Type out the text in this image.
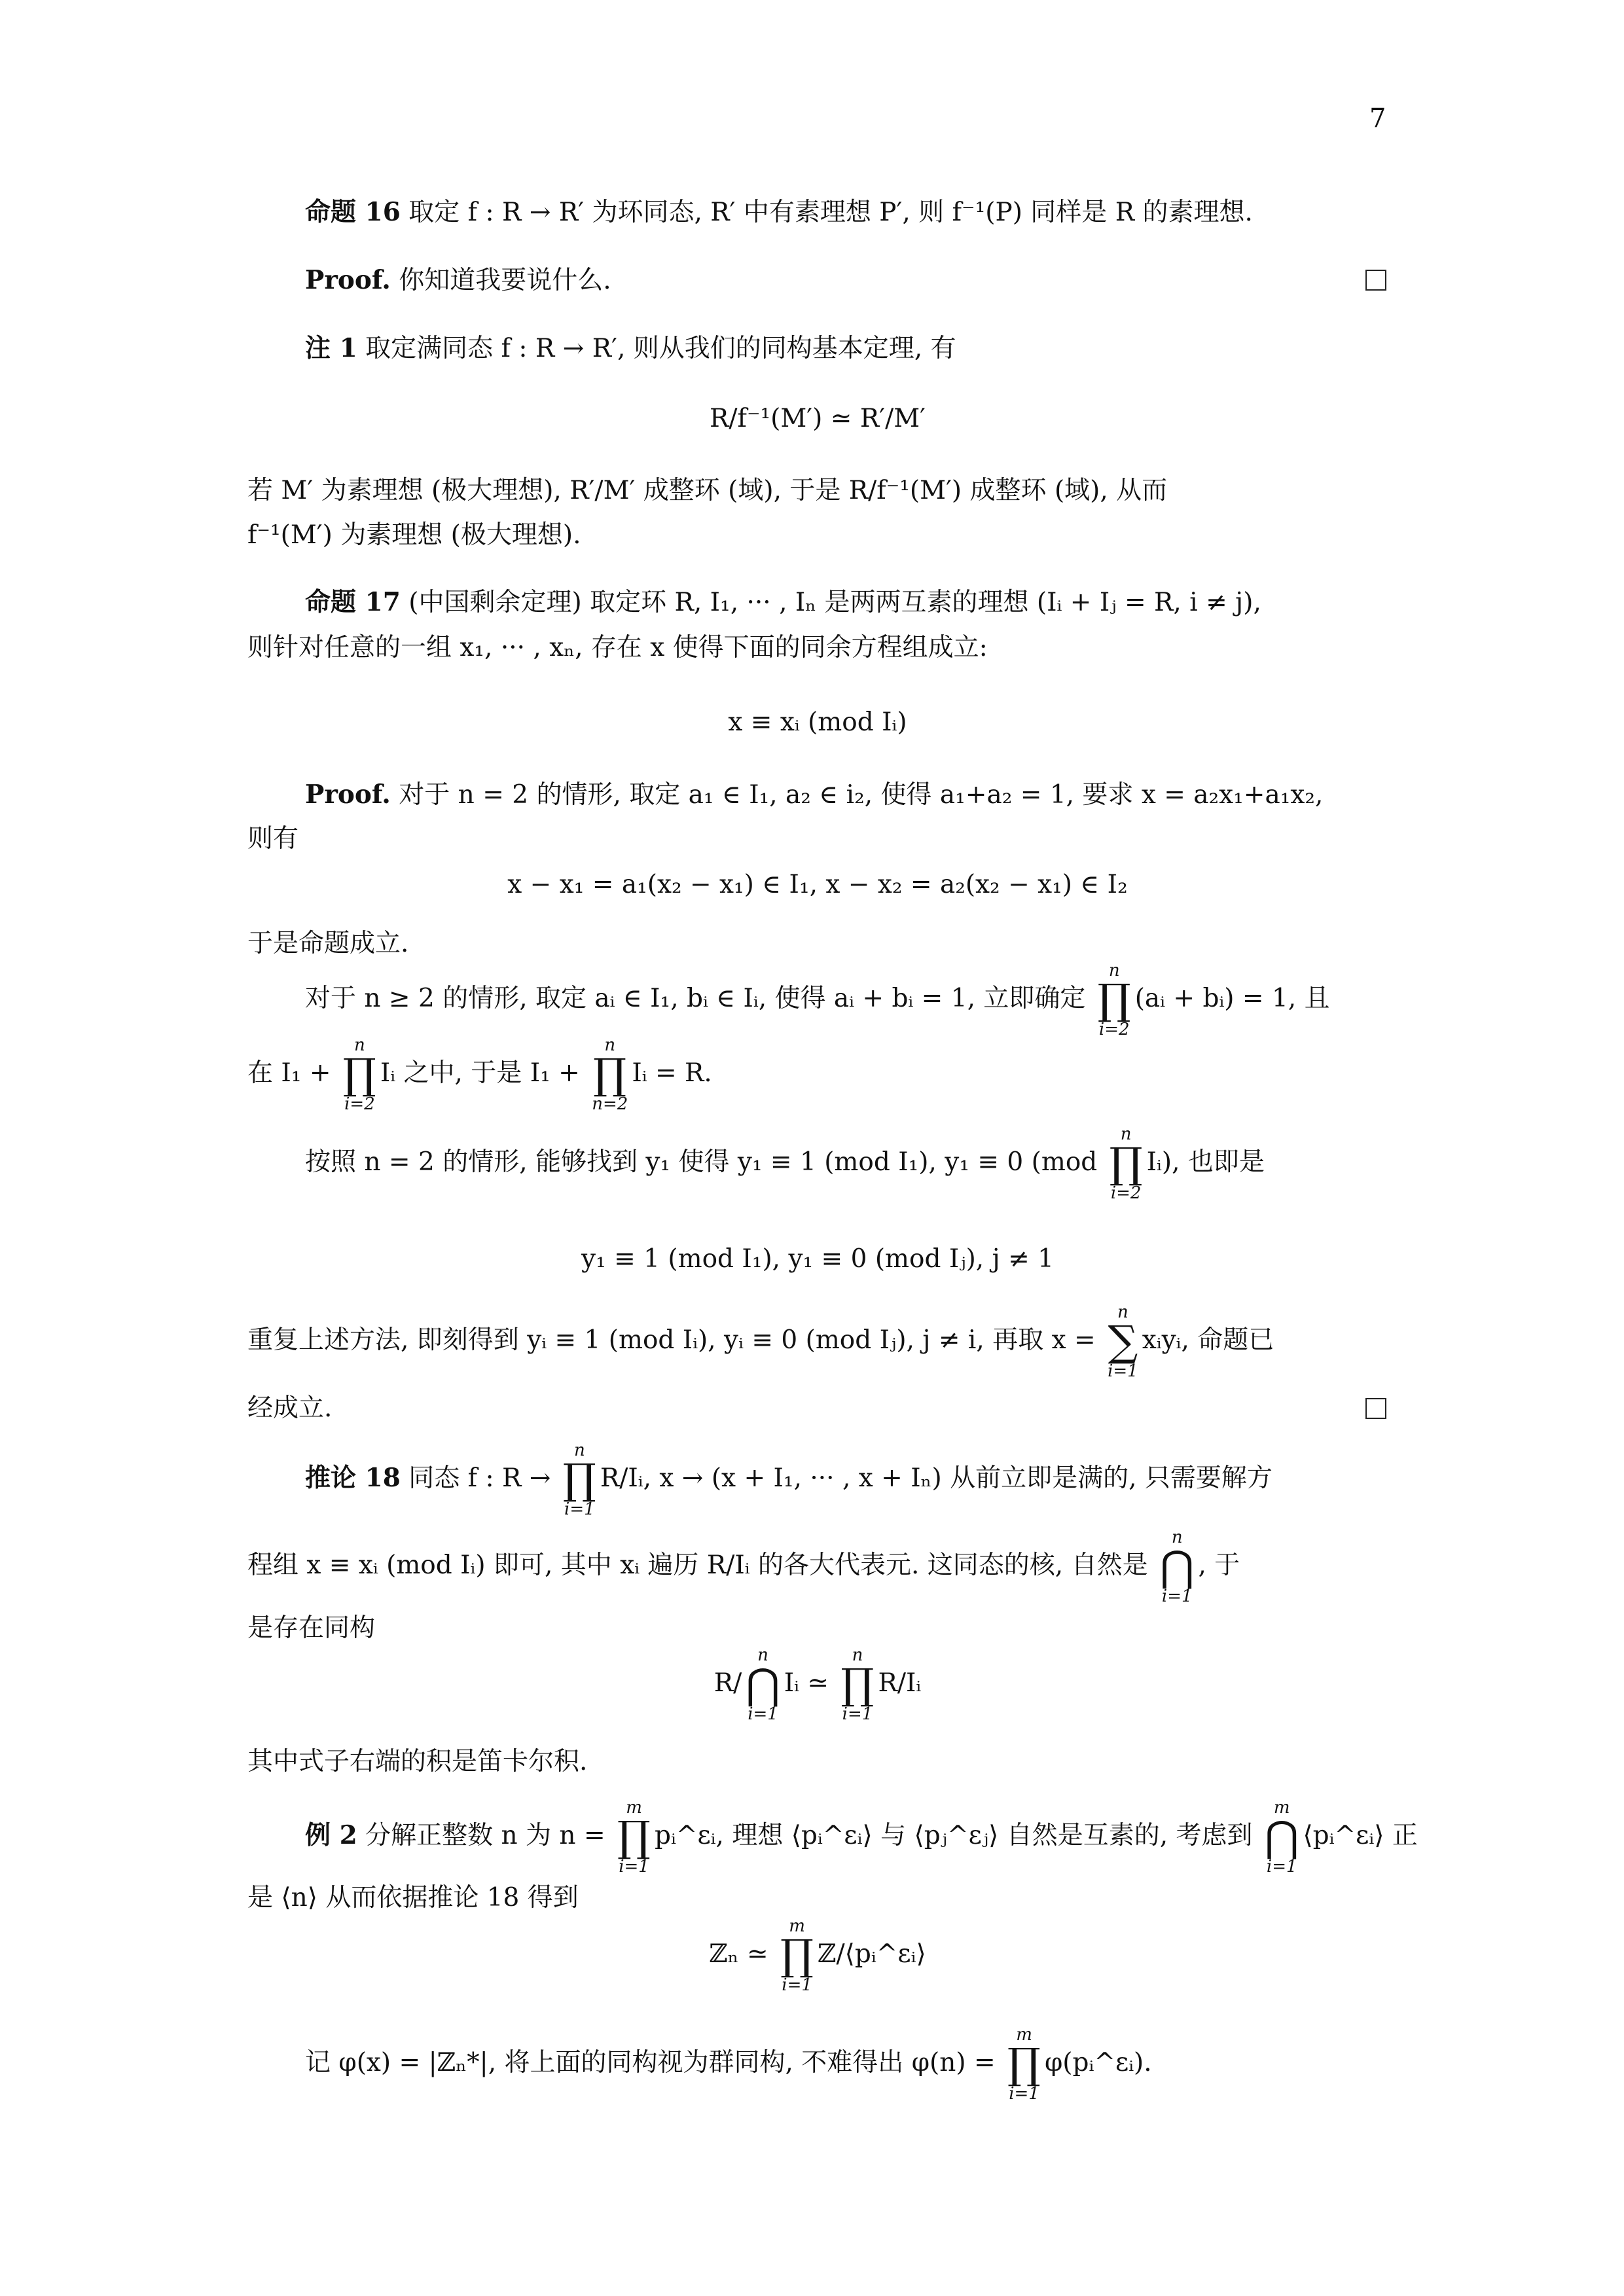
7
命题 16 取定 f : R → R′ 为环同态, R′ 中有素理想 P′, 则 f⁻¹(P) 同样是 R 的素理想.
Proof. 你知道我要说什么.
注 1 取定满同态 f : R → R′, 则从我们的同构基本定理, 有
R/f⁻¹(M′) ≃ R′/M′
若 M′ 为素理想 (极大理想), R′/M′ 成整环 (域), 于是 R/f⁻¹(M′) 成整环 (域), 从而
f⁻¹(M′) 为素理想 (极大理想).
命题 17 (中国剩余定理) 取定环 R, I₁, ··· , Iₙ 是两两互素的理想 (Iᵢ + Iⱼ = R, i ≠ j),
则针对任意的一组 x₁, ··· , xₙ, 存在 x 使得下面的同余方程组成立:
x ≡ xᵢ (mod Iᵢ)
Proof. 对于 n = 2 的情形, 取定 a₁ ∈ I₁, a₂ ∈ i₂, 使得 a₁+a₂ = 1, 要求 x = a₂x₁+a₁x₂,
则有
x − x₁ = a₁(x₂ − x₁) ∈ I₁, x − x₂ = a₂(x₂ − x₁) ∈ I₂
于是命题成立.
对于 n ≥ 2 的情形, 取定 aᵢ ∈ I₁, bᵢ ∈ Iᵢ, 使得 aᵢ + bᵢ = 1, 立即确定
n
∏
i=2
(aᵢ + bᵢ) = 1, 且
在 I₁ +
n
∏
i=2
Iᵢ 之中, 于是 I₁ +
n
∏
n=2
Iᵢ = R.
按照 n = 2 的情形, 能够找到 y₁ 使得 y₁ ≡ 1 (mod I₁), y₁ ≡ 0 (mod
n
∏
i=2
Iᵢ), 也即是
y₁ ≡ 1 (mod I₁), y₁ ≡ 0 (mod Iⱼ), j ≠ 1
重复上述方法, 即刻得到 yᵢ ≡ 1 (mod Iᵢ), yᵢ ≡ 0 (mod Iⱼ), j ≠ i, 再取 x =
n
∑
i=1
xᵢyᵢ, 命题已
经成立.
推论 18 同态 f : R →
n
∏
i=1
R/Iᵢ, x → (x + I₁, ··· , x + Iₙ) 从前立即是满的, 只需要解方
程组 x ≡ xᵢ (mod Iᵢ) 即可, 其中 xᵢ 遍历 R/Iᵢ 的各大代表元. 这同态的核, 自然是
n
⋂
i=1
, 于
是存在同构
R/
n
⋂
i=1
Iᵢ ≃
n
∏
i=1
R/Iᵢ
其中式子右端的积是笛卡尔积.
例 2 分解正整数 n 为 n =
m
∏
i=1
pᵢ^εᵢ, 理想 ⟨pᵢ^εᵢ⟩ 与 ⟨pⱼ^εⱼ⟩ 自然是互素的, 考虑到
m
⋂
i=1
⟨pᵢ^εᵢ⟩ 正
是 ⟨n⟩ 从而依据推论 18 得到
ℤₙ ≃
m
∏
i=1
ℤ/⟨pᵢ^εᵢ⟩
记 φ(x) = |ℤₙ*|, 将上面的同构视为群同构, 不难得出 φ(n) =
m
∏
i=1
φ(pᵢ^εᵢ).
